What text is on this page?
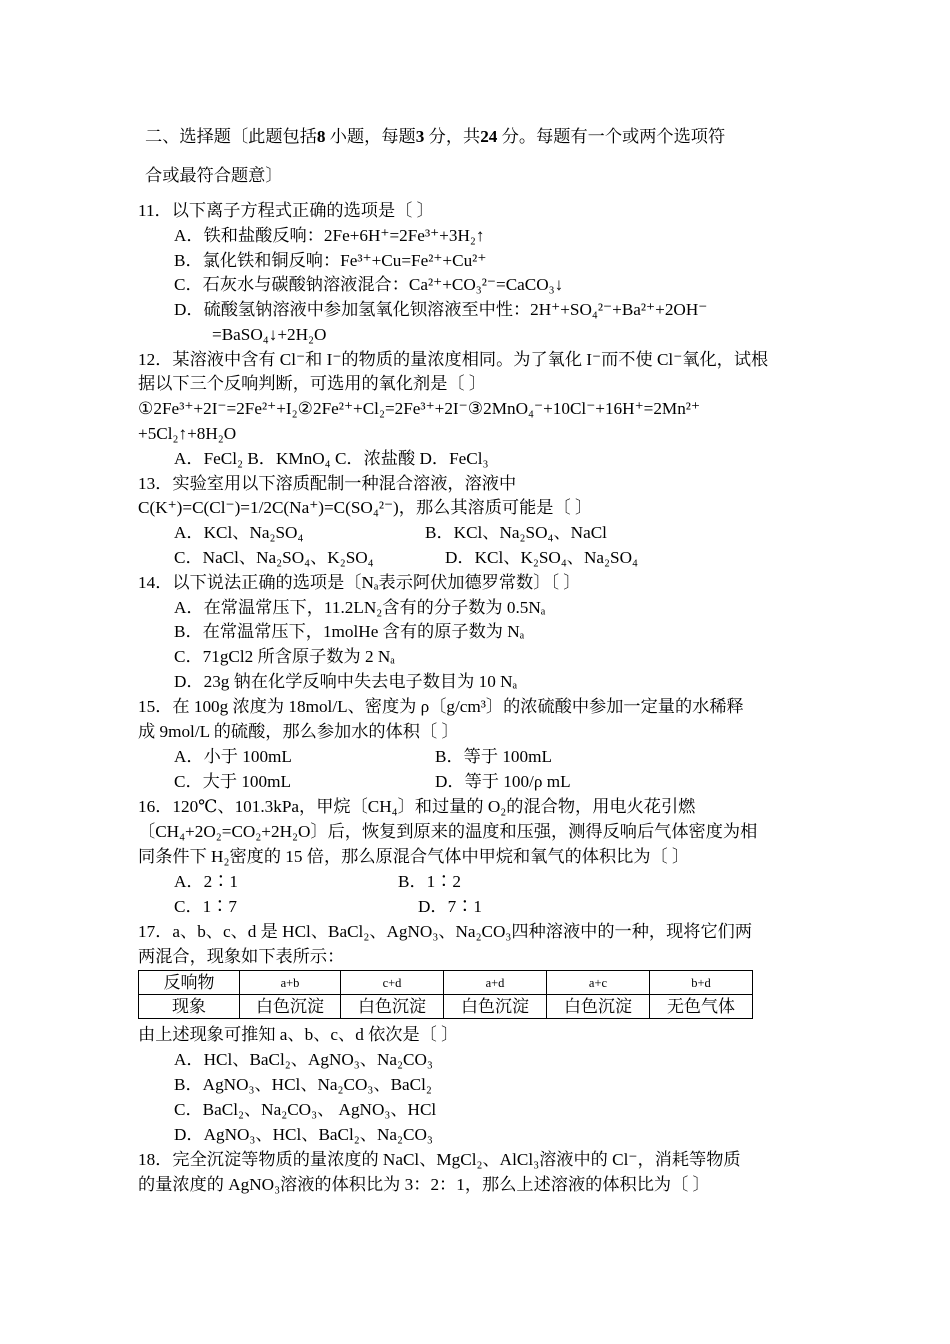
二、选择题〔此题包括8 小题，每题3 分，共24 分。每题有一个或两个选项符
合或最符合题意〕
11．以下离子方程式正确的选项是〔 〕
A．铁和盐酸反响：2Fe+6H⁺=2Fe³⁺+3H₂↑
B．氯化铁和铜反响：Fe³⁺+Cu=Fe²⁺+Cu²⁺
C．石灰水与碳酸钠溶液混合：Ca²⁺+CO₃²⁻=CaCO₃↓
D．硫酸氢钠溶液中参加氢氧化钡溶液至中性：2H⁺+SO₄²⁻+Ba²⁺+2OH⁻
=BaSO₄↓+2H₂O
12．某溶液中含有 Cl⁻和 I⁻的物质的量浓度相同。为了氧化 I⁻而不使 Cl⁻氧化，试根
据以下三个反响判断，可选用的氧化剂是〔 〕
①2Fe³⁺+2I⁻=2Fe²⁺+I₂②2Fe²⁺+Cl₂=2Fe³⁺+2I⁻③2MnO₄⁻+10Cl⁻+16H⁺=2Mn²⁺
+5Cl₂↑+8H₂O
A．FeCl₂ B．KMnO₄ C．浓盐酸 D．FeCl₃
13．实验室用以下溶质配制一种混合溶液，溶液中
C(K⁺)=C(Cl⁻)=1/2C(Na⁺)=C(SO₄²⁻)，那么其溶质可能是〔 〕
A．KCl、Na₂SO₄	B．KCl、Na₂SO₄、NaCl
C．NaCl、Na₂SO₄、K₂SO₄	D．KCl、K₂SO₄、Na₂SO₄
14．以下说法正确的选项是〔Nₐ表示阿伏加德罗常数〕〔 〕
A．在常温常压下，11.2LN₂含有的分子数为 0.5Nₐ
B．在常温常压下，1molHe 含有的原子数为 Nₐ
C．71gCl2 所含原子数为 2 Nₐ
D．23g 钠在化学反响中失去电子数目为 10 Nₐ
15．在 100g 浓度为 18mol/L、密度为 ρ〔g/cm³〕的浓硫酸中参加一定量的水稀释
成 9mol/L 的硫酸，那么参加水的体积〔 〕
A．小于 100mL	B．等于 100mL
C．大于 100mL	D．等于 100/ρ mL
16．120℃、101.3kPa，甲烷〔CH₄〕和过量的 O₂的混合物，用电火花引燃
〔CH₄+2O₂=CO₂+2H₂O〕后，恢复到原来的温度和压强，测得反响后气体密度为相
同条件下 H₂密度的 15 倍，那么原混合气体中甲烷和氧气的体积比为〔 〕
A．2∶1	B．1∶2
C．1∶7	D．7∶1
17．a、b、c、d 是 HCl、BaCl₂、AgNO₃、Na₂CO₃四种溶液中的一种，现将它们两
两混合，现象如下表所示：
反响物	a+b	c+d	a+d	a+c	b+d
现象	白色沉淀	白色沉淀	白色沉淀	白色沉淀	无色气体
由上述现象可推知 a、b、c、d 依次是〔 〕
A．HCl、BaCl₂、AgNO₃、Na₂CO₃
B．AgNO₃、HCl、Na₂CO₃、BaCl₂
C．BaCl₂、Na₂CO₃、 AgNO₃、HCl
D．AgNO₃、HCl、BaCl₂、Na₂CO₃
18．完全沉淀等物质的量浓度的 NaCl、MgCl₂、AlCl₃溶液中的 Cl⁻，消耗等物质
的量浓度的 AgNO₃溶液的体积比为 3：2：1，那么上述溶液的体积比为〔 〕
